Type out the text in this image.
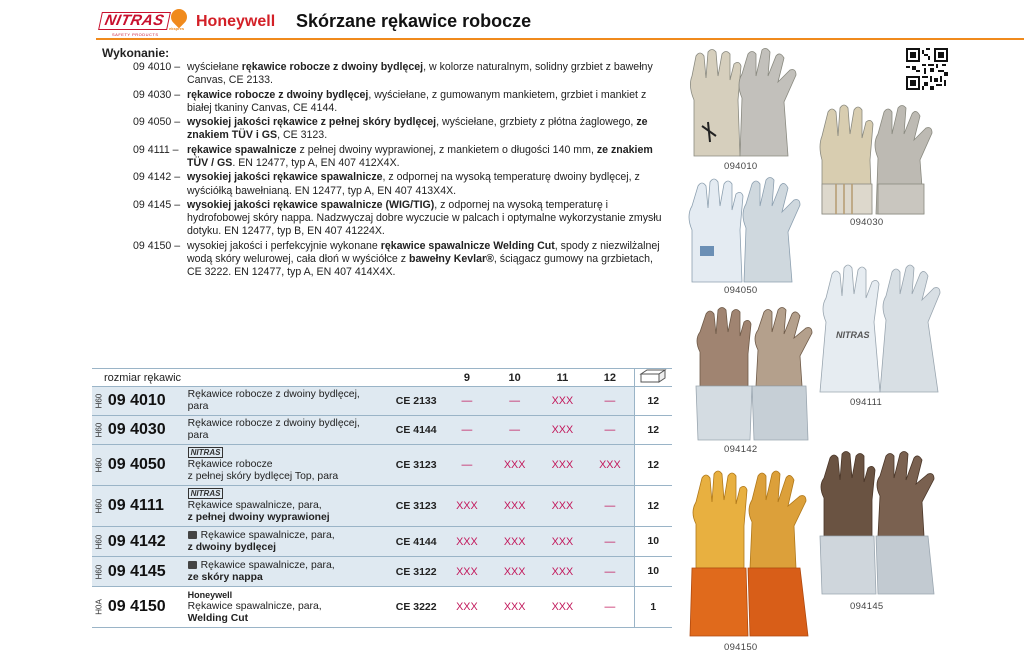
NITRAS
SAFETY PRODUCTS
ekspres Honeywell Skórzane rękawice robocze
Wykonanie:
09 4010 – wyściełane rękawice robocze z dwoiny bydlęcej, w kolorze naturalnym, solidny grzbiet z bawełny Canvas, CE 2133.
09 4030 – rękawice robocze z dwoiny bydlęcej, wyściełane, z gumowanym mankietem, grzbiet i mankiet z białej tkaniny Canvas, CE 4144.
09 4050 – wysokiej jakości rękawice z pełnej skóry bydlęcej, wyściełane, grzbiety z płótna żaglowego, ze znakiem TÜV i GS, CE 3123.
09 4111 – rękawice spawalnicze z pełnej dwoiny wyprawionej, z mankietem o długości 140 mm, ze znakiem TÜV / GS. EN 12477, typ A, EN 407 412X4X.
09 4142 – wysokiej jakości rękawice spawalnicze, z odpornej na wysoką temperaturę dwoiny bydlęcej, z wyściółką bawełnianą. EN 12477, typ A, EN 407 413X4X.
09 4145 – wysokiej jakości rękawice spawalnicze (WIG/TIG), z odpornej na wysoką temperaturę i hydrofobowej skóry nappa. Nadzwyczaj dobre wyczucie w palcach i optymalne wykorzystanie zmysłu dotyku. EN 12477, typ B, EN 407 41224X.
09 4150 – wysokiej jakości i perfekcyjnie wykonane rękawice spawalnicze Welding Cut, spody z niezwilżalnej wodą skóry welurowej, cała dłoń w wyściółce z bawełny Kevlar®, ściągacz gumowy na grzbietach, CE 3222. EN 12477, typ A, EN 407 414X4X.
rozmiar rękawic				9	10	11	12	

H60	09 4010	Rękawice robocze z dwoiny bydlęcej,
para	CE 2133	—	—	XXX	—	12

H60	09 4030	Rękawice robocze z dwoiny bydlęcej,
para	CE 4144	—	—	XXX	—	12

H60	09 4050	NITRAS
Rękawice robocze
z pełnej skóry bydlęcej Top, para	CE 3123	—	XXX	XXX	XXX	12

H60	09 4111	NITRAS
Rękawice spawalnicze, para,
z pełnej dwoiny wyprawionej	CE 3123	XXX	XXX	XXX	—	12

H60	09 4142	Rękawice spawalnicze, para,
z dwoiny bydlęcej	CE 4144	XXX	XXX	XXX	—	10

H60	09 4145	Rękawice spawalnicze, para,
ze skóry nappa	CE 3122	XXX	XXX	XXX	—	10

H0A	09 4150	Honeywell
Rękawice spawalnicze, para,
Welding Cut	CE 3222	XXX	XXX	XXX	—	1
094010
094030
094050
NITRAS
094111
094142
094145
094150
